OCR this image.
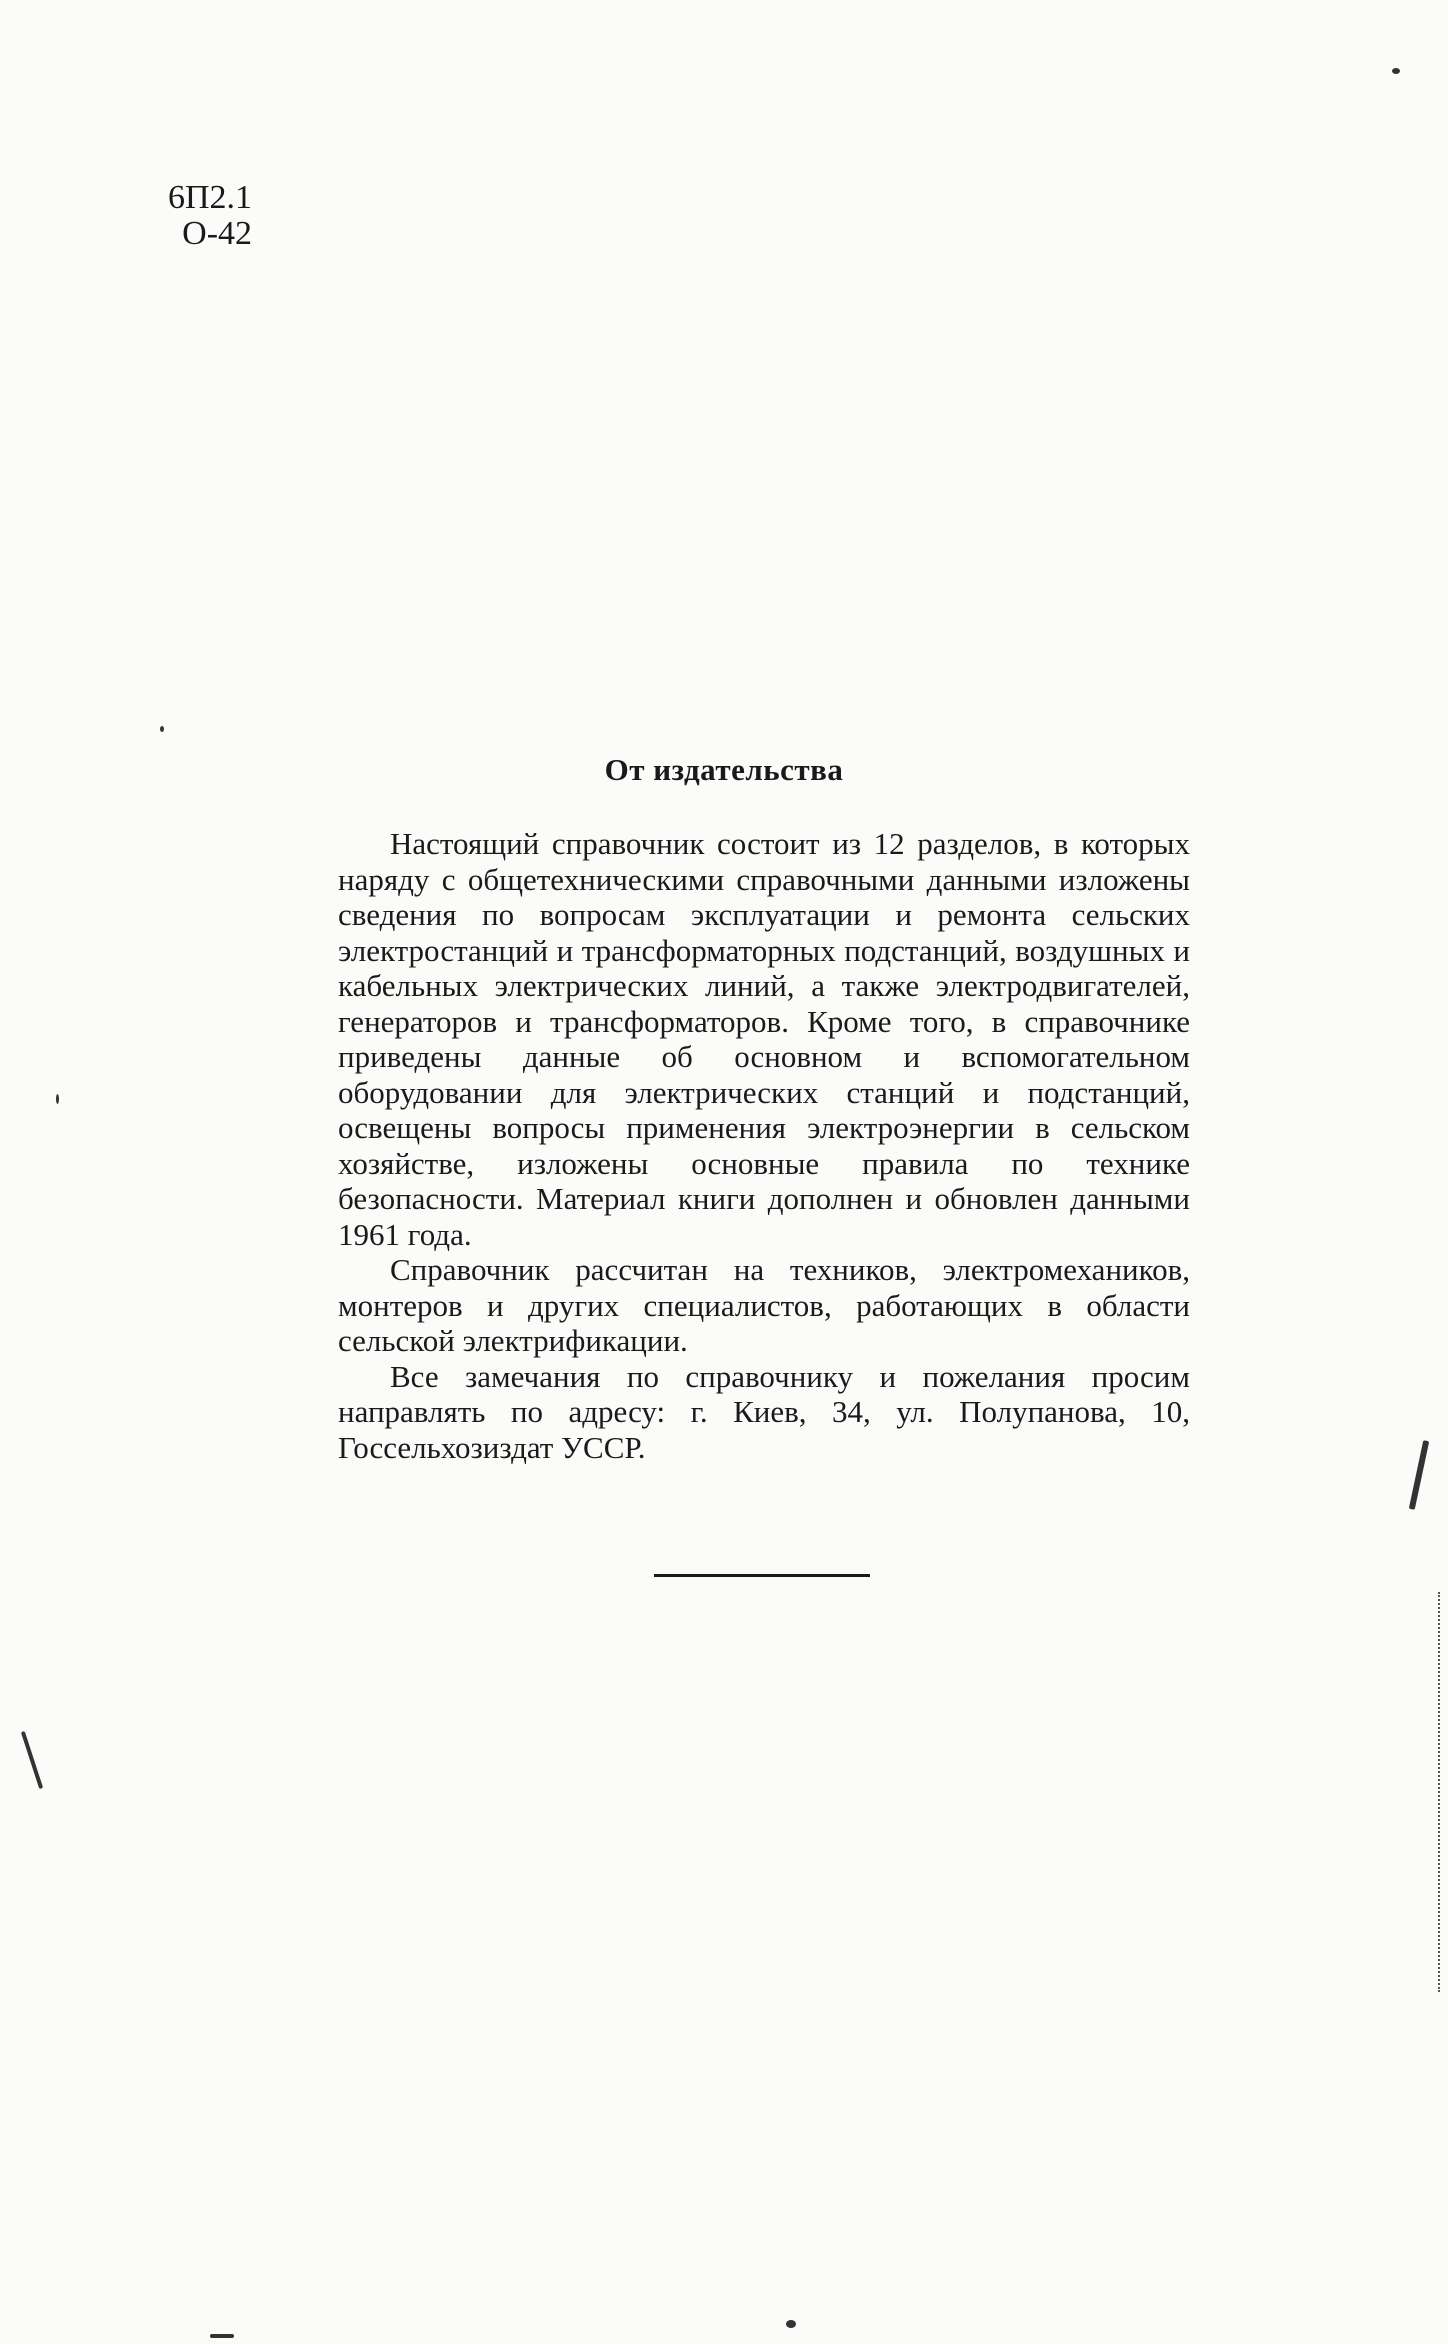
6П2.1
О-42
От издательства

Настоящий справочник состоит из 12 разделов, в которых наряду с общетехническими справочными данными изложены сведения по вопросам эксплуатации и ремонта сельских электростанций и трансформаторных подстанций, воздушных и кабельных электрических линий, а также электродвигателей, генераторов и трансформаторов. Кроме того, в справочнике приведены данные об основном и вспомогательном оборудовании для электрических станций и подстанций, освещены вопросы применения электроэнергии в сельском хозяйстве, изложены основные правила по технике безопасности. Материал книги дополнен и обновлен данными 1961 года.

Справочник рассчитан на техников, электромехаников, монтеров и других специалистов, работающих в области сельской электрификации.

Все замечания по справочнику и пожелания просим направлять по адресу: г. Киев, 34, ул. Полупанова, 10, Госсельхозиздат УССР.
